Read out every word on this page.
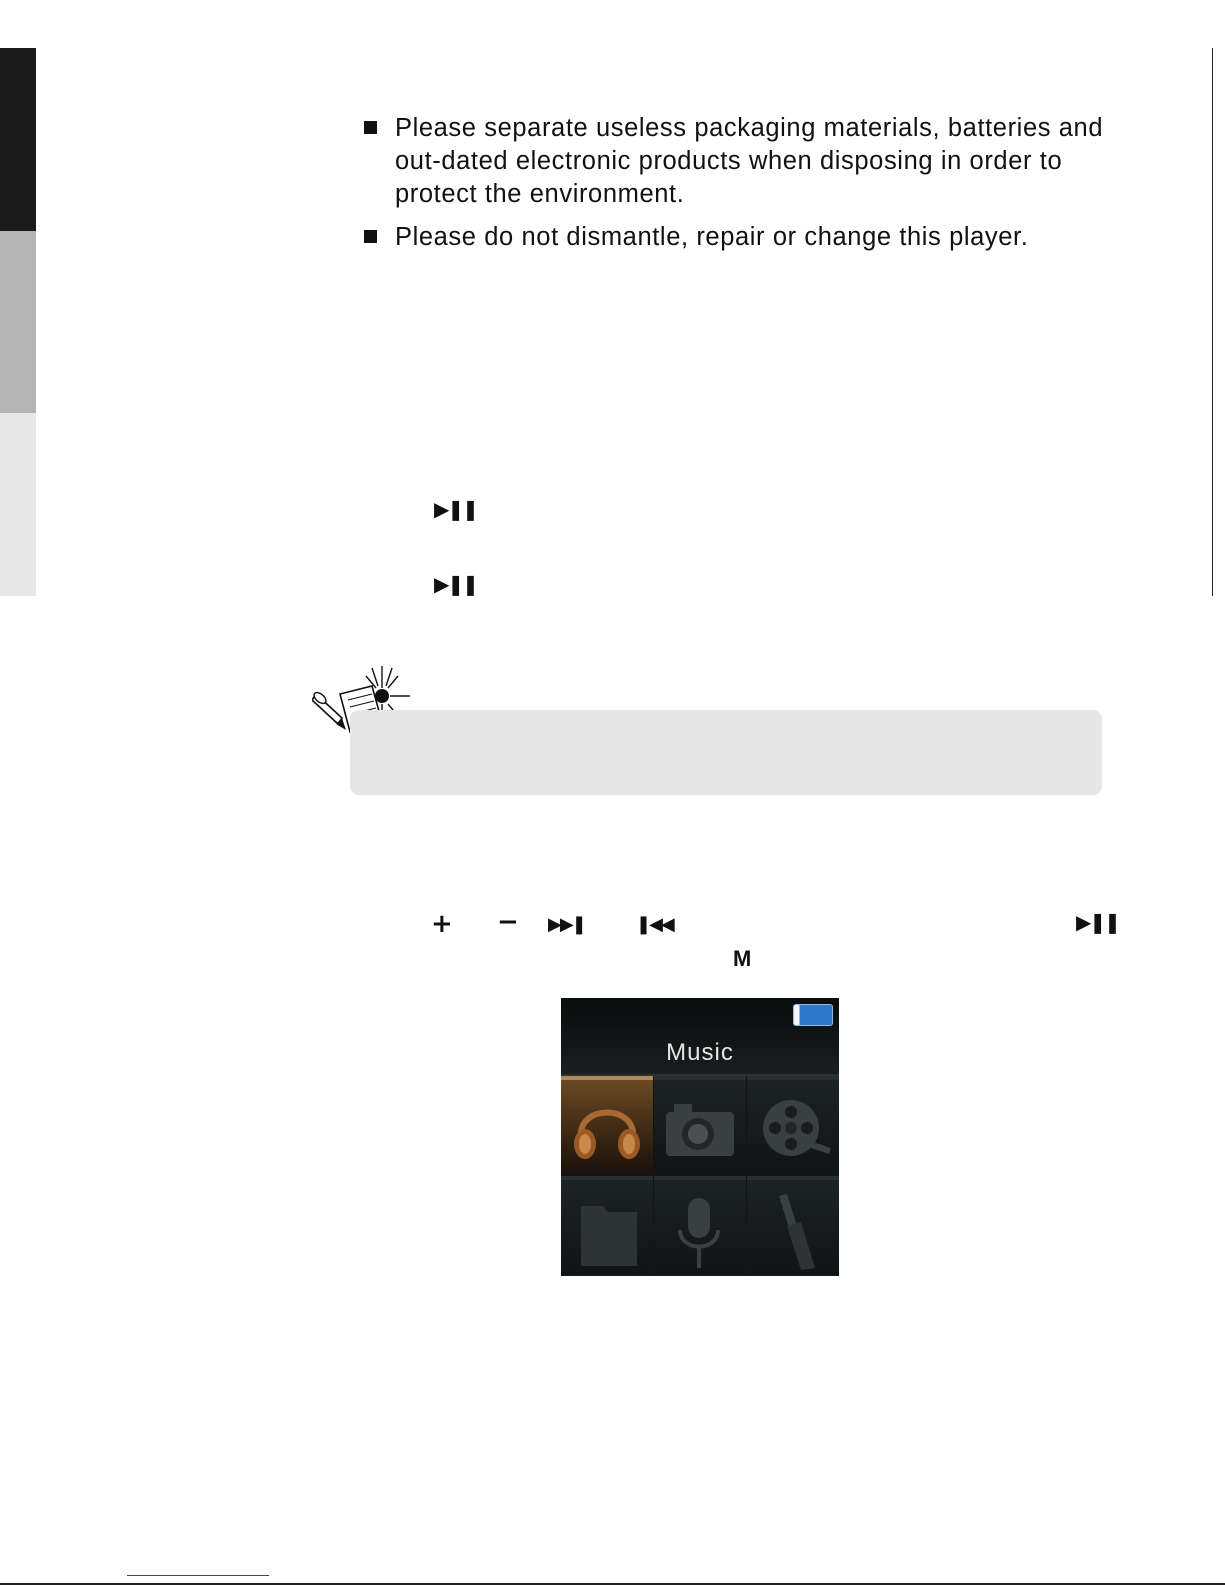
Please separate useless packaging materials, batteries and out-dated electronic products when disposing in order to protect the environment.
Please do not dismantle, repair or change this player.
▶❚❚
▶❚❚
+ − ▶▶❚	❚◀◀	▶❚❚
M
Music
